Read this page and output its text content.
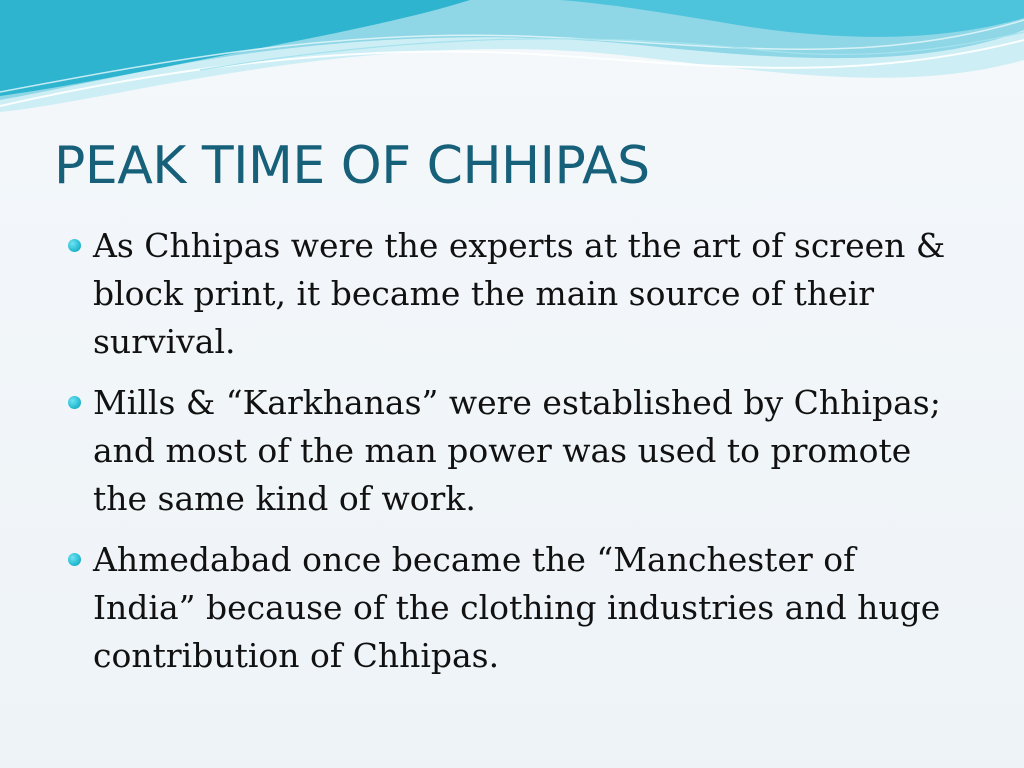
PEAK TIME OF CHHIPAS
As Chhipas were the experts at the art of screen & block print, it became the main source of their survival.
Mills & “Karkhanas” were established by Chhipas; and most of the man power was used to promote the same kind of work.
Ahmedabad once became the “Manchester of India” because of the clothing industries and huge contribution of Chhipas.
